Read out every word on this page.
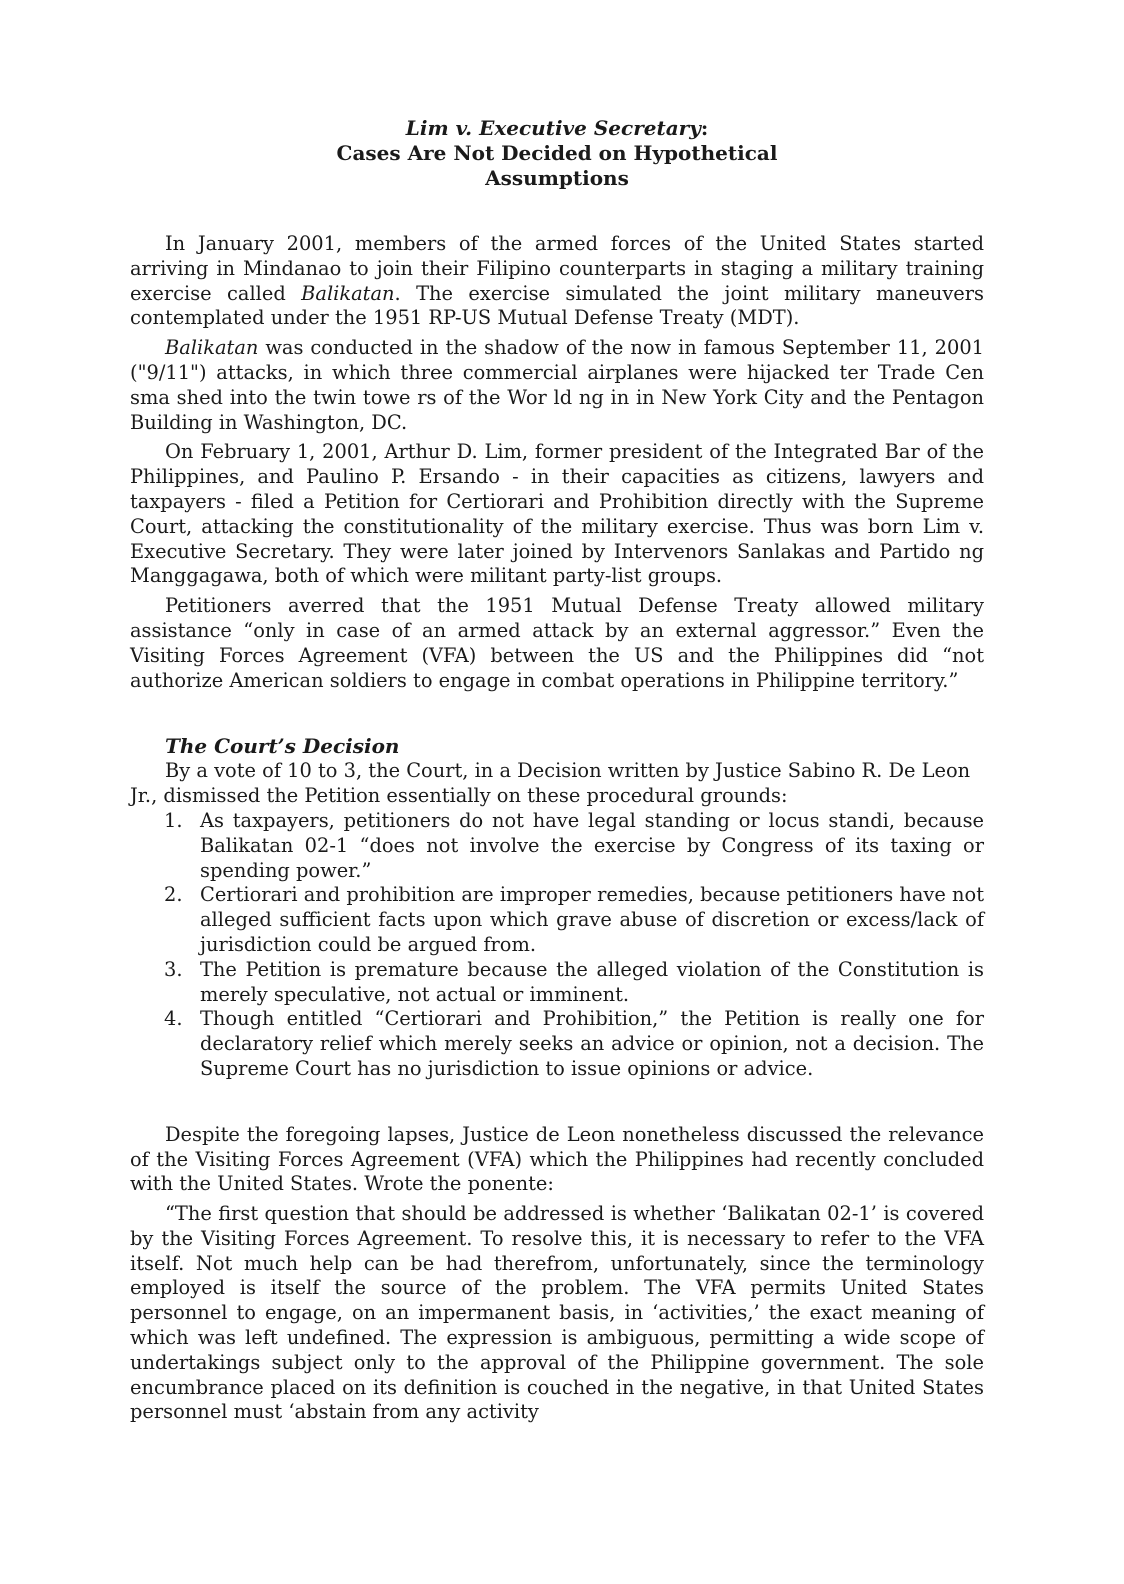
Lim v. Executive Secretary:
Cases Are Not Decided on Hypothetical
Assumptions

In January 2001, members of the armed forces of the United States started arriving in Mindanao to join their Filipino counterparts in staging a military training exercise called Balikatan. The exercise simulated the joint military maneuvers contemplated under the 1951 RP-US Mutual Defense Treaty (MDT).

Balikatan was conducted in the shadow of the now in famous September 11, 2001 ("9/11") attacks, in which three commercial airplanes were hijacked ter Trade Cen sma shed into the twin towe rs of the Wor ld ng in in New York City and the Pentagon Building in Washington, DC.

On February 1, 2001, Arthur D. Lim, former president of the Integrated Bar of the Philippines, and Paulino P. Ersando - in their capacities as citizens, lawyers and taxpayers - filed a Petition for Certiorari and Prohibition directly with the Supreme Court, attacking the constitutionality of the military exercise. Thus was born Lim v. Executive Secretary. They were later joined by Intervenors Sanlakas and Partido ng Manggagawa, both of which were militant party-list groups.

Petitioners averred that the 1951 Mutual Defense Treaty allowed military assistance “only in case of an armed attack by an external aggressor.” Even the Visiting Forces Agreement (VFA) between the US and the Philippines did “not authorize American soldiers to engage in combat operations in Philippine territory.”

The Court’s Decision

By a vote of 10 to 3, the Court, in a Decision written by Justice Sabino R. De Leon Jr., dismissed the Petition essentially on these procedural grounds:

1. As taxpayers, petitioners do not have legal standing or locus standi, because Balikatan 02-1 “does not involve the exercise by Congress of its taxing or spending power.”
2. Certiorari and prohibition are improper remedies, because petitioners have not alleged sufficient facts upon which grave abuse of discretion or excess/lack of jurisdiction could be argued from.
3. The Petition is premature because the alleged violation of the Constitution is merely speculative, not actual or imminent.
4. Though entitled “Certiorari and Prohibition,” the Petition is really one for declaratory relief which merely seeks an advice or opinion, not a decision. The Supreme Court has no jurisdiction to issue opinions or advice.

Despite the foregoing lapses, Justice de Leon nonetheless discussed the relevance of the Visiting Forces Agreement (VFA) which the Philippines had recently concluded with the United States. Wrote the ponente:

“The first question that should be addressed is whether ‘Balikatan 02-1’ is covered by the Visiting Forces Agreement. To resolve this, it is necessary to refer to the VFA itself. Not much help can be had therefrom, unfortunately, since the terminology employed is itself the source of the problem. The VFA permits United States personnel to engage, on an impermanent basis, in ‘activities,’ the exact meaning of which was left undefined. The expression is ambiguous, permitting a wide scope of undertakings subject only to the approval of the Philippine government. The sole encumbrance placed on its definition is couched in the negative, in that United States personnel must ‘abstain from any activity
